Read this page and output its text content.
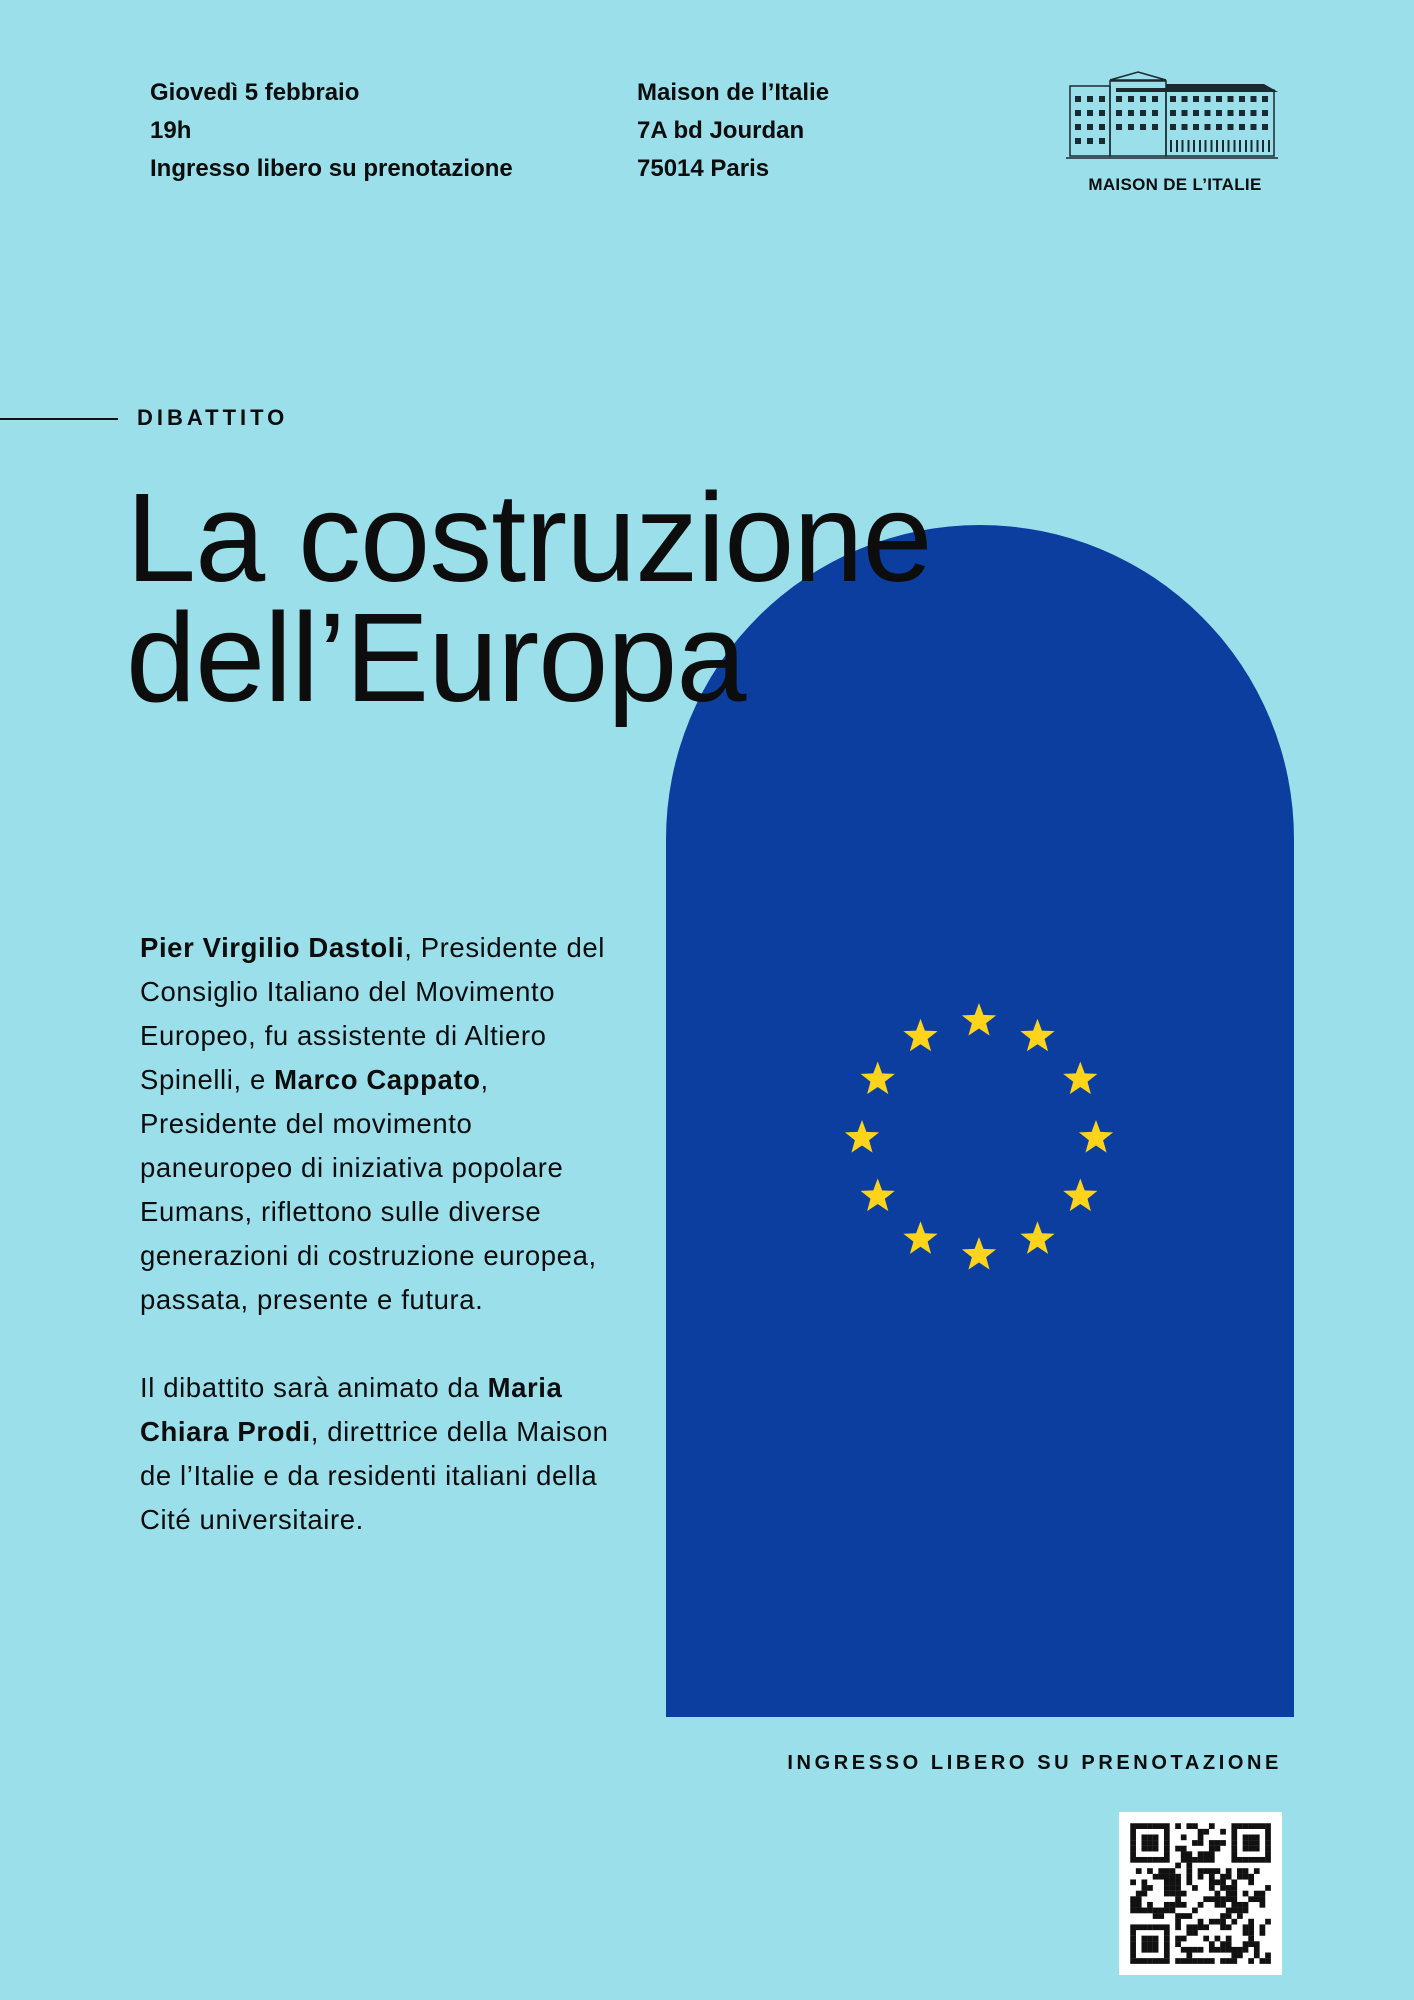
Giovedì 5 febbraio
19h
Ingresso libero su prenotazione
Maison de l’Italie
7A bd Jourdan
75014 Paris
MAISON DE L’ITALIE
DIBATTITO
La costruzione
dell’Europa

Pier Virgilio Dastoli, Presidente del Consiglio Italiano del Movimento Europeo, fu assistente di Altiero Spinelli, e Marco Cappato, Presidente del movimento paneuropeo di iniziativa popolare Eumans, riflettono sulle diverse generazioni di costruzione europea, passata, presente e futura.

Il dibattito sarà animato da Maria Chiara Prodi, direttrice della Maison de l’Italie e da residenti italiani della Cité universitaire.

INGRESSO LIBERO SU PRENOTAZIONE
